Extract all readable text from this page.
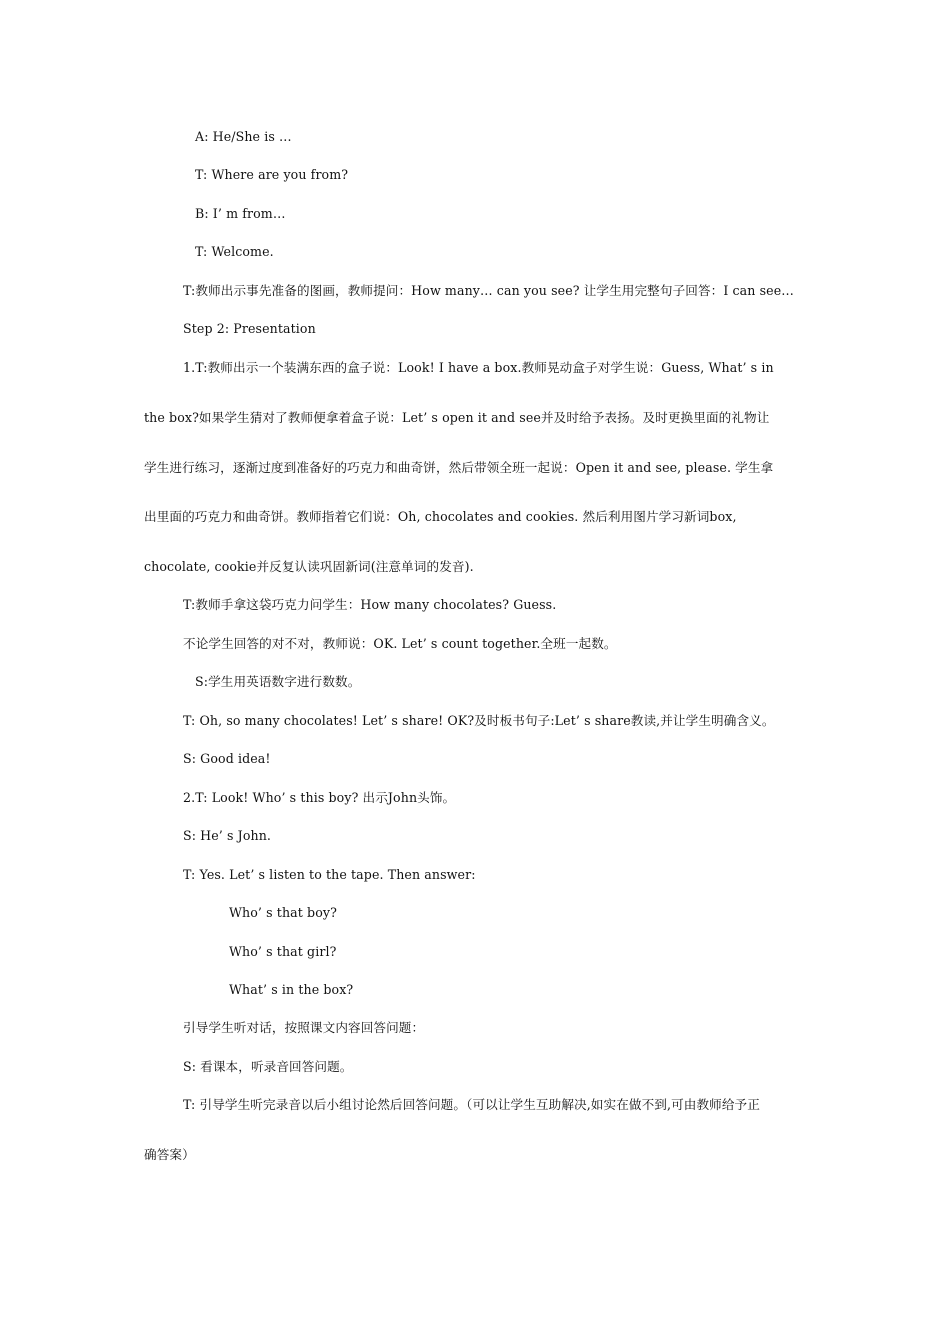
A: He/She is …
T: Where are you from?
B: I’ m from…
T: Welcome.
T:教师出示事先准备的图画，教师提问：How many… can you see? 让学生用完整句子回答：I can see…
Step 2: Presentation
1.T:教师出示一个装满东西的盒子说：Look! I have a box.教师晃动盒子对学生说：Guess, What’ s in
the box?如果学生猜对了教师便拿着盒子说：Let’ s open it and see并及时给予表扬。及时更换里面的礼物让
学生进行练习，逐渐过度到准备好的巧克力和曲奇饼，然后带领全班一起说：Open it and see, please. 学生拿
出里面的巧克力和曲奇饼。教师指着它们说：Oh, chocolates and cookies. 然后利用图片学习新词box,
chocolate, cookie并反复认读巩固新词(注意单词的发音).
T:教师手拿这袋巧克力问学生：How many chocolates? Guess.
不论学生回答的对不对，教师说：OK. Let’ s count together.全班一起数。
S:学生用英语数字进行数数。
T: Oh, so many chocolates! Let’ s share! OK?及时板书句子:Let’ s share教读,并让学生明确含义。
S: Good idea!
2.T: Look! Who’ s this boy? 出示John头饰。
S: He’ s John.
T: Yes. Let’ s listen to the tape. Then answer:
Who’ s that boy?
Who’ s that girl?
What’ s in the box?
引导学生听对话，按照课文内容回答问题：
S: 看课本，听录音回答问题。
T: 引导学生听完录音以后小组讨论然后回答问题。（可以让学生互助解决,如实在做不到,可由教师给予正
确答案）
